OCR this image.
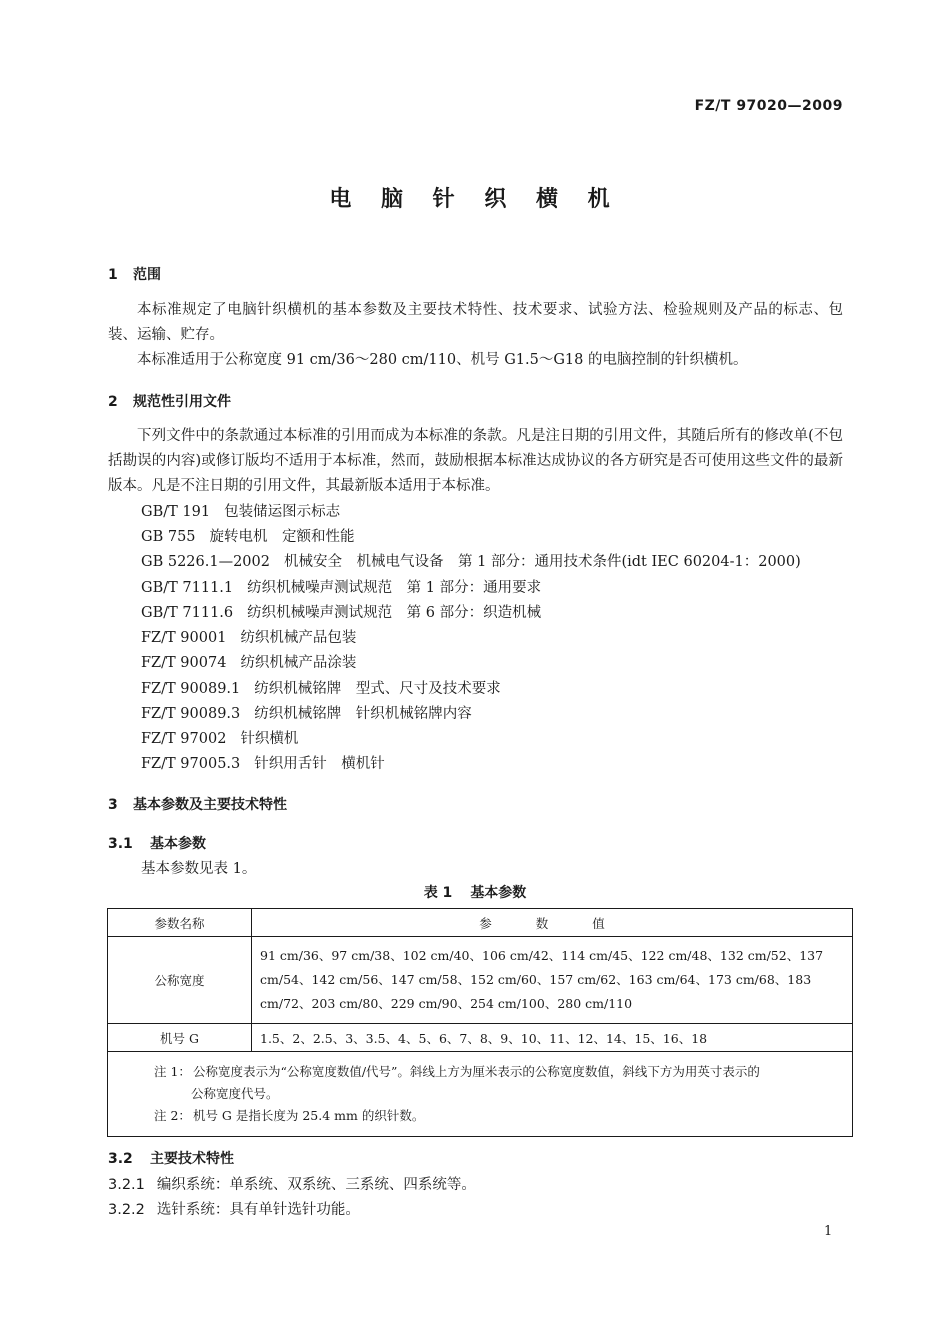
FZ/T 97020—2009
电 脑 针 织 横 机
1 范围
本标准规定了电脑针织横机的基本参数及主要技术特性、技术要求、试验方法、检验规则及产品的标志、包装、运输、贮存。
本标准适用于公称宽度 91 cm/36～280 cm/110、机号 G1.5～G18 的电脑控制的针织横机。
2 规范性引用文件
下列文件中的条款通过本标准的引用而成为本标准的条款。凡是注日期的引用文件，其随后所有的修改单(不包括勘误的内容)或修订版均不适用于本标准，然而，鼓励根据本标准达成协议的各方研究是否可使用这些文件的最新版本。凡是不注日期的引用文件，其最新版本适用于本标准。
GB/T 191 包装储运图示标志
GB 755 旋转电机　定额和性能
GB 5226.1—2002 机械安全　机械电气设备　第 1 部分：通用技术条件(idt IEC 60204-1：2000)
GB/T 7111.1 纺织机械噪声测试规范　第 1 部分：通用要求
GB/T 7111.6 纺织机械噪声测试规范　第 6 部分：织造机械
FZ/T 90001 纺织机械产品包装
FZ/T 90074 纺织机械产品涂装
FZ/T 90089.1 纺织机械铭牌　型式、尺寸及技术要求
FZ/T 90089.3 纺织机械铭牌　针织机械铭牌内容
FZ/T 97002 针织横机
FZ/T 97005.3 针织用舌针　横机针
3 基本参数及主要技术特性
3.1 基本参数
基本参数见表 1。
表 1 基本参数
参数名称	参 数 值
公称宽度	91 cm/36、97 cm/38、102 cm/40、106 cm/42、114 cm/45、122 cm/48、132 cm/52、137 cm/54、142 cm/56、147 cm/58、152 cm/60、157 cm/62、163 cm/64、173 cm/68、183 cm/72、203 cm/80、229 cm/90、254 cm/100、280 cm/110
机号 G	1.5、2、2.5、3、3.5、4、5、6、7、8、9、10、11、12、14、15、16、18

注 1： 公称宽度表示为“公称宽度数值/代号”。斜线上方为厘米表示的公称宽度数值，斜线下方为用英寸表示的
公称宽度代号。
注 2： 机号 G 是指长度为 25.4 mm 的织针数。	
3.2 主要技术特性
3.2.1 编织系统：单系统、双系统、三系统、四系统等。
3.2.2 选针系统：具有单针选针功能。
1
